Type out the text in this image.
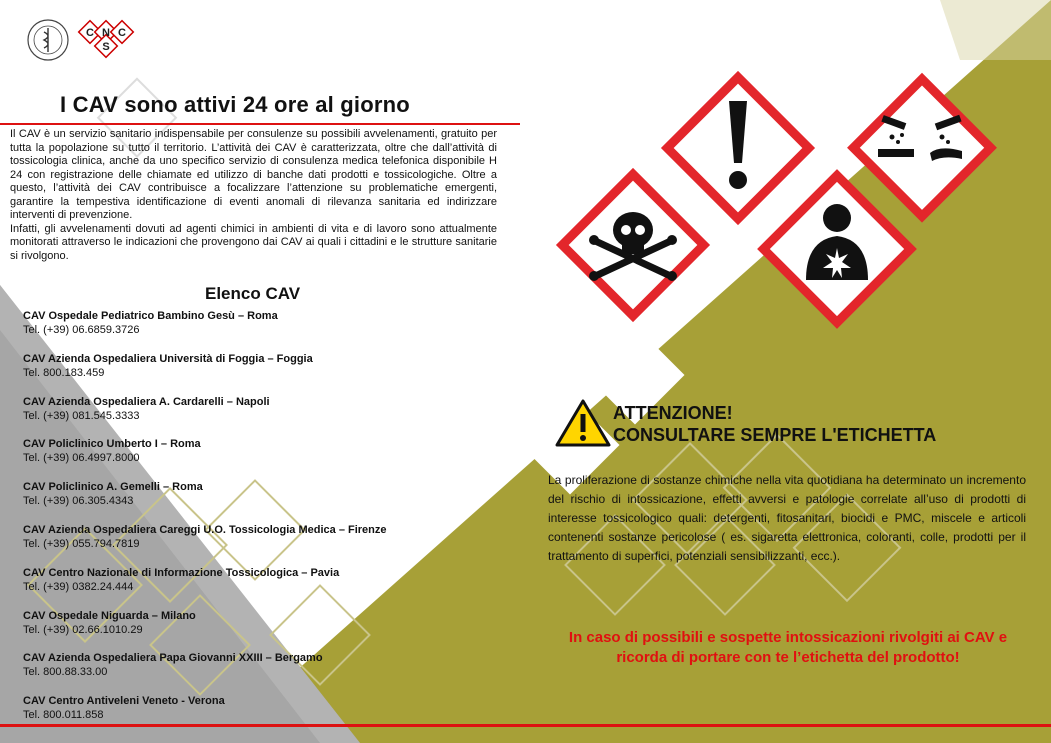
C N
S
C
I CAV sono attivi 24 ore al giorno

Il CAV è un servizio sanitario indispensabile per consulenze su possibili avvelenamenti, gratuito per tutta la popolazione su tutto il territorio. L’attività dei CAV è caratterizzata, oltre che dall’attività di tossicologia clinica, anche da uno specifico servizio di consulenza medica telefonica disponibile H 24 con registrazione delle chiamate ed utilizzo di banche dati prodotti e tossicologiche. Oltre a questo, l’attività dei CAV contribuisce a focalizzare l’attenzione su problematiche emergenti, garantire la tempestiva identificazione di eventi anomali di rilevanza sanitaria ed indirizzare interventi di prevenzione.

Infatti, gli avvelenamenti dovuti ad agenti chimici in ambienti di vita e di lavoro sono attualmente monitorati attraverso le indicazioni che provengono dai CAV ai quali i cittadini e le strutture sanitarie si rivolgono.

Elenco CAV
CAV Ospedale Pediatrico Bambino Gesù – Roma
Tel. (+39) 06.6859.3726
CAV Azienda Ospedaliera Università di Foggia – Foggia
Tel. 800.183.459
CAV Azienda Ospedaliera A. Cardarelli – Napoli
Tel. (+39) 081.545.3333
CAV Policlinico Umberto I – Roma
Tel. (+39) 06.4997.8000
CAV Policlinico A. Gemelli – Roma
Tel. (+39) 06.305.4343
CAV Azienda Ospedaliera Careggi U.O. Tossicologia Medica – Firenze
Tel. (+39) 055.794.7819
CAV Centro Nazionale di Informazione Tossicologica – Pavia
Tel. (+39) 0382.24.444
CAV Ospedale Niguarda – Milano
Tel. (+39) 02.66.1010.29
CAV Azienda Ospedaliera Papa Giovanni XXIII – Bergamo
Tel. 800.88.33.00
CAV Centro Antiveleni Veneto - Verona
Tel. 800.011.858
ATTENZIONE!
CONSULTARE SEMPRE L'ETICHETTA
La proliferazione di sostanze chimiche nella vita quotidiana ha determinato un incremento del rischio di intossicazione, effetti avversi e patologie correlate all’uso di prodotti di interesse tossicologico quali: detergenti, fitosanitari, biocidi e PMC, miscele e articoli contenenti sostanze pericolose ( es. sigaretta elettronica, coloranti, colle, prodotti per il trattamento di superfici, potenziali sensibilizzanti, ecc.).
In caso di possibili e sospette intossicazioni rivolgiti ai CAV e ricorda di portare con te l’etichetta del prodotto!
